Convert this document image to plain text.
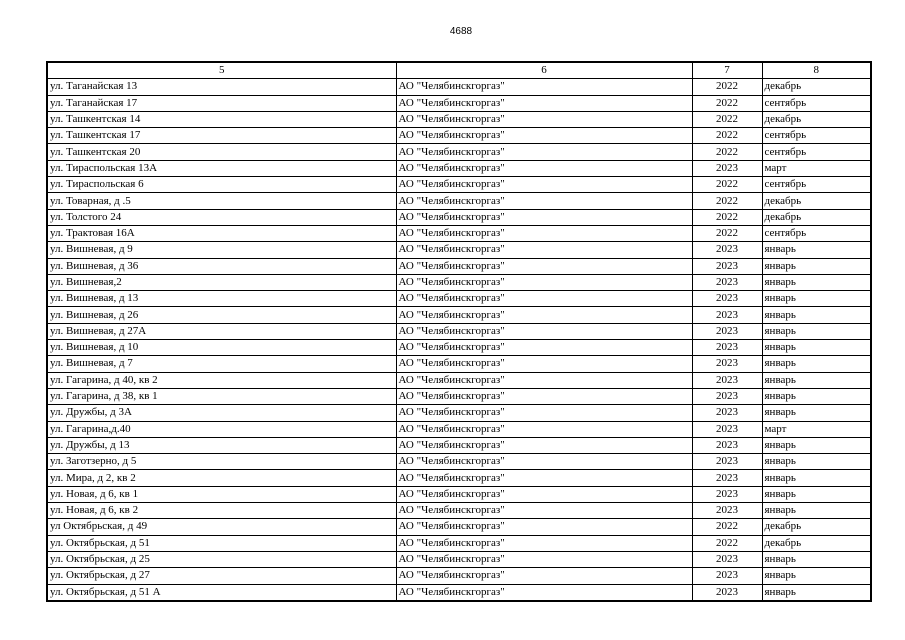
4688
5	6	7	8
ул. Таганайская 13	АО "Челябинскгоргаз"	2022	декабрь
ул. Таганайская 17	АО "Челябинскгоргаз"	2022	сентябрь
ул. Ташкентская 14	АО "Челябинскгоргаз"	2022	декабрь
ул. Ташкентская 17	АО "Челябинскгоргаз"	2022	сентябрь
ул. Ташкентская 20	АО "Челябинскгоргаз"	2022	сентябрь
ул. Тираспольская 13А	АО "Челябинскгоргаз"	2023	март
ул. Тираспольская 6	АО "Челябинскгоргаз"	2022	сентябрь
ул. Товарная, д .5	АО "Челябинскгоргаз"	2022	декабрь
ул. Толстого 24	АО "Челябинскгоргаз"	2022	декабрь
ул. Трактовая 16А	АО "Челябинскгоргаз"	2022	сентябрь
ул. Вишневая, д 9	АО "Челябинскгоргаз"	2023	январь
ул. Вишневая, д 36	АО "Челябинскгоргаз"	2023	январь
ул. Вишневая,2	АО "Челябинскгоргаз"	2023	январь
ул. Вишневая, д 13	АО "Челябинскгоргаз"	2023	январь
ул. Вишневая, д 26	АО "Челябинскгоргаз"	2023	январь
ул. Вишневая, д 27А	АО "Челябинскгоргаз"	2023	январь
ул. Вишневая, д 10	АО "Челябинскгоргаз"	2023	январь
ул. Вишневая, д 7	АО "Челябинскгоргаз"	2023	январь
ул. Гагарина, д 40, кв 2	АО "Челябинскгоргаз"	2023	январь
ул. Гагарина, д 38, кв 1	АО "Челябинскгоргаз"	2023	январь
ул. Дружбы, д 3А	АО "Челябинскгоргаз"	2023	январь
ул. Гагарина,д.40	АО "Челябинскгоргаз"	2023	март
ул. Дружбы, д 13	АО "Челябинскгоргаз"	2023	январь
ул. Заготзерно, д 5	АО "Челябинскгоргаз"	2023	январь
ул. Мира, д 2, кв 2	АО "Челябинскгоргаз"	2023	январь
ул. Новая, д 6, кв 1	АО "Челябинскгоргаз"	2023	январь
ул. Новая, д 6, кв 2	АО "Челябинскгоргаз"	2023	январь
ул Октябрьская, д 49	АО "Челябинскгоргаз"	2022	декабрь
ул. Октябрьская, д 51	АО "Челябинскгоргаз"	2022	декабрь
ул. Октябрьская, д 25	АО "Челябинскгоргаз"	2023	январь
ул. Октябрьская, д 27	АО "Челябинскгоргаз"	2023	январь
ул. Октябрьская, д 51 А	АО "Челябинскгоргаз"	2023	январь
